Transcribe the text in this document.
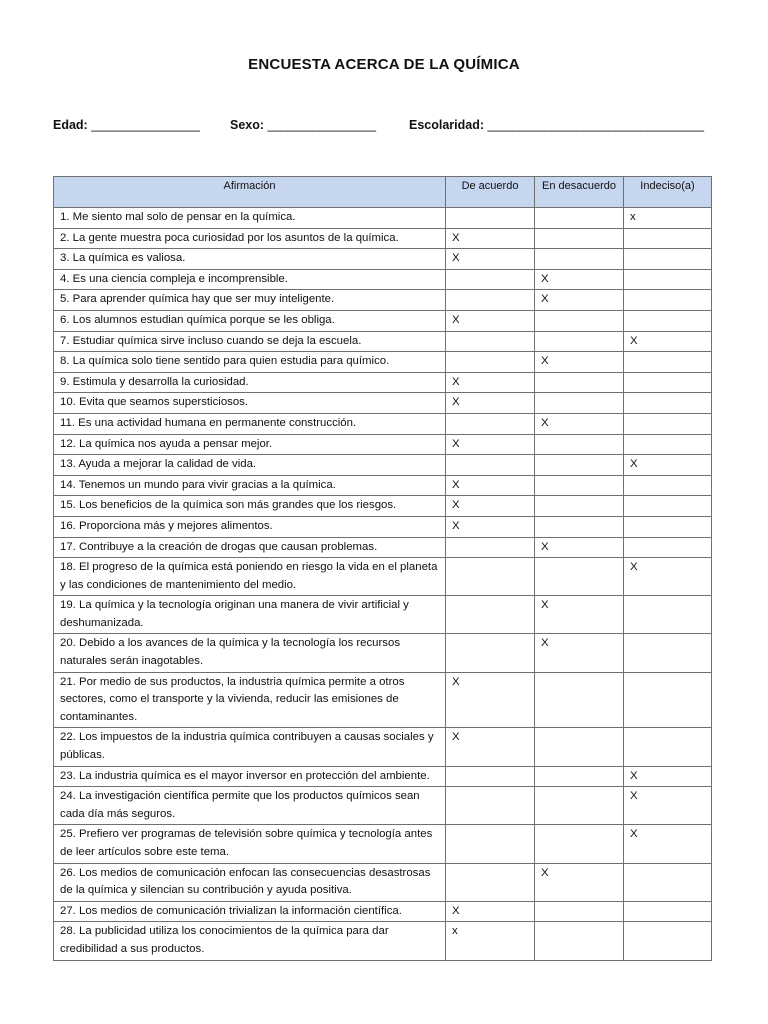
ENCUESTA ACERCA DE LA QUÍMICA
Edad: _________________ Sexo: _________________	Escolaridad: __________________________________
Afirmación	De acuerdo	En desacuerdo	Indeciso(a)
1. Me siento mal solo de pensar en la química.			x
2. La gente muestra poca curiosidad por los asuntos de la química.	X		
3. La química es valiosa.	X		
4. Es una ciencia compleja e incomprensible.		X	
5. Para aprender química hay que ser muy inteligente.		X	
6. Los alumnos estudian química porque se les obliga.	X		
7. Estudiar química sirve incluso cuando se deja la escuela.			X
8. La química solo tiene sentido para quien estudia para químico.		X	
9. Estimula y desarrolla la curiosidad.	X		
10. Evita que seamos supersticiosos.	X		
11. Es una actividad humana en permanente construcción.		X	
12. La química nos ayuda a pensar mejor.	X		
13. Ayuda a mejorar la calidad de vida.			X
14. Tenemos un mundo para vivir gracias a la química.	X		
15. Los beneficios de la química son más grandes que los riesgos.	X		
16. Proporciona más y mejores alimentos.	X		
17. Contribuye a la creación de drogas que causan problemas.		X	
18. El progreso de la química está poniendo en riesgo la vida en el planeta y las condiciones de mantenimiento del medio.			X
19. La química y la tecnología originan una manera de vivir artificial y deshumanizada.		X	
20. Debido a los avances de la química y la tecnología los recursos naturales serán inagotables.		X	
21. Por medio de sus productos, la industria química permite a otros sectores, como el transporte y la vivienda, reducir las emisiones de contaminantes.	X		
22. Los impuestos de la industria química contribuyen a causas sociales y públicas.	X		
23. La industria química es el mayor inversor en protección del ambiente.			X
24. La investigación científica permite que los productos químicos sean cada día más seguros.			X
25. Prefiero ver programas de televisión sobre química y tecnología antes de leer artículos sobre este tema.			X
26. Los medios de comunicación enfocan las consecuencias desastrosas de la química y silencian su contribución y ayuda positiva.		X	
27. Los medios de comunicación trivializan la información científica.	X		
28. La publicidad utiliza los conocimientos de la química para dar credibilidad a sus productos.	x		
